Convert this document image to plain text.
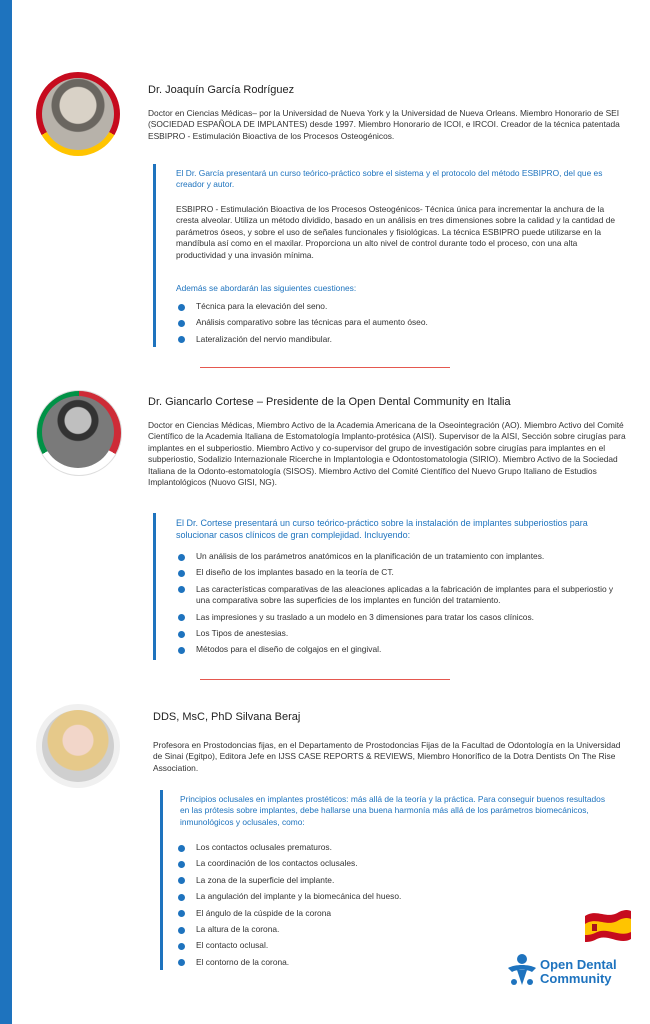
Dr. Joaquín García Rodríguez
Doctor en Ciencias Médicas– por la Universidad de Nueva York y la Universidad de Nueva Orleans. Miembro Honorario de SEI (SOCIEDAD ESPAÑOLA DE IMPLANTES) desde 1997. Miembro Honorario de ICOI, e IRCOI. Creador de la técnica patentada ESBIPRO - Estimulación Bioactiva de los Procesos Osteogénicos.
El Dr. García presentará un curso teórico-práctico sobre el sistema y el protocolo del método ESBIPRO, del que es creador y autor.
ESBIPRO - Estimulación Bioactiva de los Procesos Osteogénicos- Técnica única para incrementar la anchura de la cresta alveolar. Utiliza un método dividido, basado en un análisis en tres dimensiones sobre la calidad y la cantidad de parámetros óseos, y sobre el uso de señales funcionales y fisiológicas. La técnica ESBIPRO puede utilizarse en la mandíbula así como en el maxilar. Proporciona un alto nivel de control durante todo el proceso, con una alta productividad y una invasión mínima.
Además se abordarán las siguientes cuestiones:
Técnica para la elevación del seno.
Análisis comparativo sobre las técnicas para el aumento óseo.
Lateralización del nervio mandibular.
Dr. Giancarlo Cortese – Presidente de la Open Dental Community en Italia
Doctor en Ciencias Médicas, Miembro Activo de la Academia Americana de la Oseointegración (AO). Miembro Activo del Comité Científico de la Academia Italiana de Estomatología Implanto-protésica (AISI). Supervisor de la AISI, Sección sobre cirugías para implantes en el subperiostio. Miembro Activo y co-supervisor del grupo de investigación sobre cirugías para implantes en el subperiostio, Sodalizio Internazionale Ricerche in Implantologia e Odontostomatologia (SIRIO). Miembro Activo de la Sociedad Italiana de la Odonto-estomatología (SISOS). Miembro Activo del Comité Científico del Nuevo Grupo Italiano de Estudios Implantológicos (Nuovo GISI, NG).
El Dr. Cortese presentará un curso teórico-práctico sobre la instalación de implantes subperiostios para solucionar casos clínicos de gran complejidad. Incluyendo:
Un análisis de los parámetros anatómicos en la planificación de un tratamiento con implantes.
El diseño de los implantes basado en la teoría de CT.
Las características comparativas de las aleaciones aplicadas a la fabricación de implantes para el subperiostio y una comparativa sobre las superficies de los implantes en función del tratamiento.
Las impresiones y su traslado a un modelo en 3 dimensiones para tratar los casos clínicos.
Los Tipos de anestesias.
Métodos para el diseño de colgajos en el gingival.
DDS, MsC, PhD Silvana Beraj
Profesora en Prostodoncias fijas, en el Departamento de Prostodoncias Fijas de la Facultad de Odontología en la Universidad de Sinai (Egitpo), Editora Jefe en IJSS CASE REPORTS & REVIEWS, Miembro Honorífico de la Dotra Dentists On The Rise Association.
Principios oclusales en implantes prostéticos: más allá de la teoría y la práctica. Para conseguir buenos resultados en las prótesis sobre implantes, debe hallarse una buena harmonía más allá de los parámetros biomecánicos, inmunológicos y oclusales, como:
Los contactos oclusales prematuros.
La coordinación de los contactos oclusales.
La zona de la superficie del implante.
La angulación del implante y la biomecánica del hueso.
El ángulo de la cúspide de la corona
La altura de la corona.
El contacto oclusal.
El contorno de la corona.	Open Dental
Community
